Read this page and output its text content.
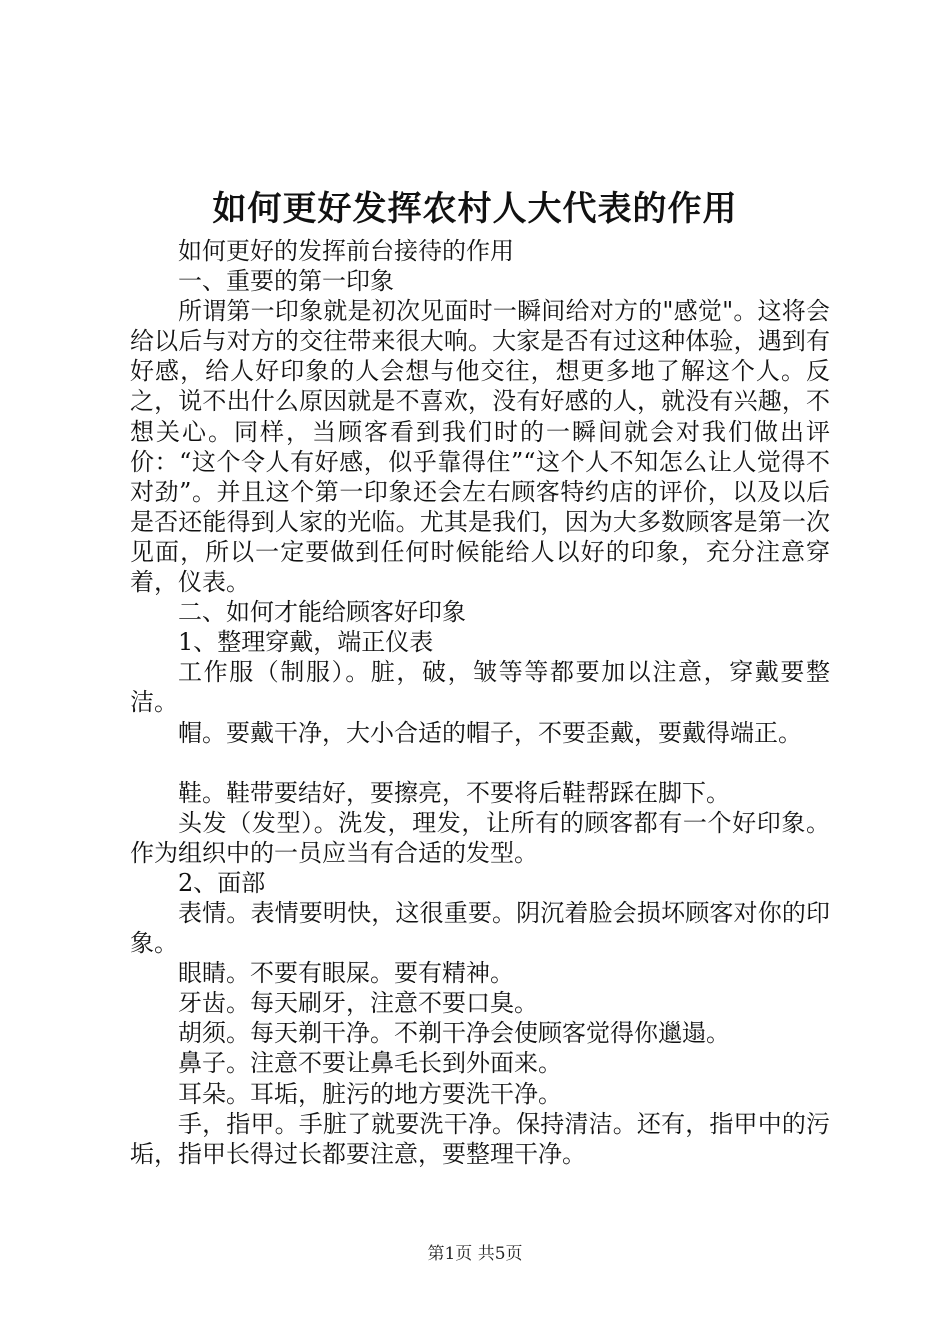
如何更好发挥农村人大代表的作用

如何更好的发挥前台接待的作用

一、重要的第一印象

所谓第一印象就是初次见面时一瞬间给对方的"感觉"。这将会给以后与对方的交往带来很大响。大家是否有过这种体验，遇到有好感，给人好印象的人会想与他交往，想更多地了解这个人。反之，说不出什么原因就是不喜欢，没有好感的人，就没有兴趣，不想关心。同样，当顾客看到我们时的一瞬间就会对我们做出评价：“这个令人有好感，似乎靠得住”“这个人不知怎么让人觉得不对劲”。并且这个第一印象还会左右顾客特约店的评价，以及以后是否还能得到人家的光临。尤其是我们，因为大多数顾客是第一次见面，所以一定要做到任何时候能给人以好的印象，充分注意穿着，仪表。

二、如何才能给顾客好印象

1、整理穿戴，端正仪表

工作服（制服）。脏，破，皱等等都要加以注意，穿戴要整洁。

帽。要戴干净，大小合适的帽子，不要歪戴，要戴得端正。

鞋。鞋带要结好，要擦亮，不要将后鞋帮踩在脚下。

头发（发型）。洗发，理发，让所有的顾客都有一个好印象。作为组织中的一员应当有合适的发型。

2、面部

表情。表情要明快，这很重要。阴沉着脸会损坏顾客对你的印象。

眼睛。不要有眼屎。要有精神。

牙齿。每天刷牙，注意不要口臭。

胡须。每天剃干净。不剃干净会使顾客觉得你邋遢。

鼻子。注意不要让鼻毛长到外面来。

耳朵。耳垢，脏污的地方要洗干净。

手，指甲。手脏了就要洗干净。保持清洁。还有，指甲中的污垢，指甲长得过长都要注意，要整理干净。

第1页 共5页
